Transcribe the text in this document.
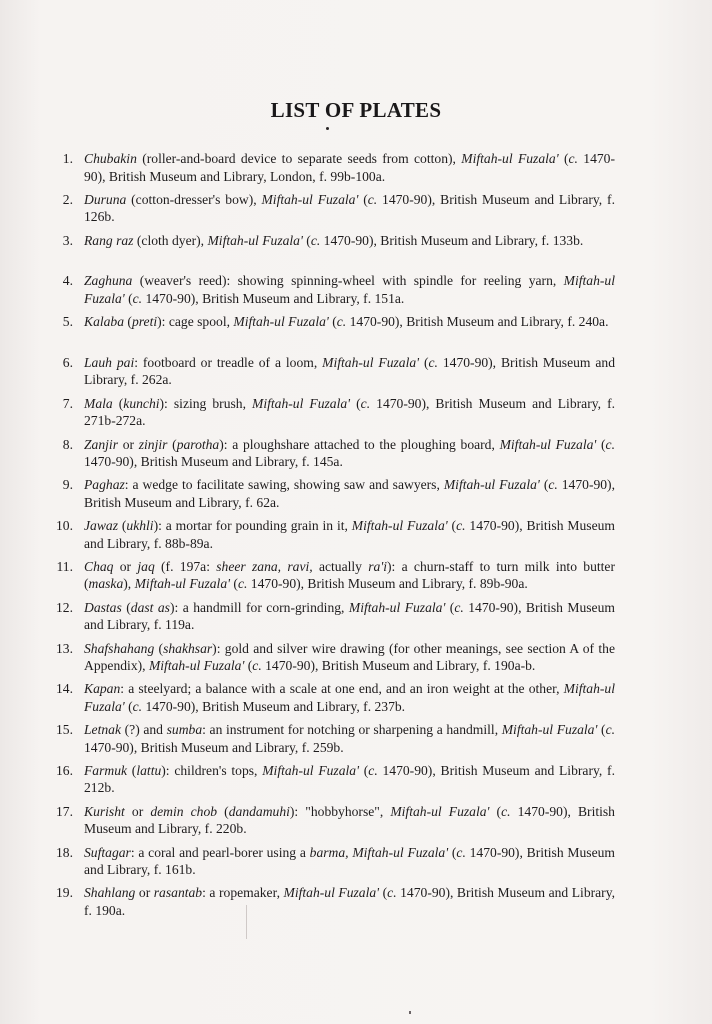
LIST OF PLATES
1. Chubakin (roller-and-board device to separate seeds from cotton), Miftah-ul Fuzala' (c. 1470-90), British Museum and Library, London, f. 99b-100a.
2. Duruna (cotton-dresser's bow), Miftah-ul Fuzala' (c. 1470-90), British Museum and Library, f. 126b.
3. Rang raz (cloth dyer), Miftah-ul Fuzala' (c. 1470-90), British Museum and Library, f. 133b.
4. Zaghuna (weaver's reed): showing spinning-wheel with spindle for reeling yarn, Miftah-ul Fuzala' (c. 1470-90), British Museum and Library, f. 151a.
5. Kalaba (preti): cage spool, Miftah-ul Fuzala' (c. 1470-90), British Museum and Library, f. 240a.
6. Lauh pai: footboard or treadle of a loom, Miftah-ul Fuzala' (c. 1470-90), British Museum and Library, f. 262a.
7. Mala (kunchi): sizing brush, Miftah-ul Fuzala' (c. 1470-90), British Museum and Library, f. 271b-272a.
8. Zanjir or zinjir (parotha): a ploughshare attached to the ploughing board, Miftah-ul Fuzala' (c. 1470-90), British Museum and Library, f. 145a.
9. Paghaz: a wedge to facilitate sawing, showing saw and sawyers, Miftah-ul Fuzala' (c. 1470-90), British Museum and Library, f. 62a.
10. Jawaz (ukhli): a mortar for pounding grain in it, Miftah-ul Fuzala' (c. 1470-90), British Museum and Library, f. 88b-89a.
11. Chaq or jaq (f. 197a: sheer zana, ravi, actually ra'i): a churn-staff to turn milk into butter (maska), Miftah-ul Fuzala' (c. 1470-90), British Museum and Library, f. 89b-90a.
12. Dastas (dast as): a handmill for corn-grinding, Miftah-ul Fuzala' (c. 1470-90), British Museum and Library, f. 119a.
13. Shafshahang (shakhsar): gold and silver wire drawing (for other meanings, see section A of the Appendix), Miftah-ul Fuzala' (c. 1470-90), British Museum and Library, f. 190a-b.
14. Kapan: a steelyard; a balance with a scale at one end, and an iron weight at the other, Miftah-ul Fuzala' (c. 1470-90), British Museum and Library, f. 237b.
15. Letnak (?) and sumba: an instrument for notching or sharpening a handmill, Miftah-ul Fuzala' (c. 1470-90), British Museum and Library, f. 259b.
16. Farmuk (lattu): children's tops, Miftah-ul Fuzala' (c. 1470-90), British Museum and Library, f. 212b.
17. Kurisht or demin chob (dandamuhi): "hobbyhorse", Miftah-ul Fuzala' (c. 1470-90), British Museum and Library, f. 220b.
18. Suftagar: a coral and pearl-borer using a barma, Miftah-ul Fuzala' (c. 1470-90), British Museum and Library, f. 161b.
19. Shahlang or rasantab: a ropemaker, Miftah-ul Fuzala' (c. 1470-90), British Museum and Library, f. 190a.
